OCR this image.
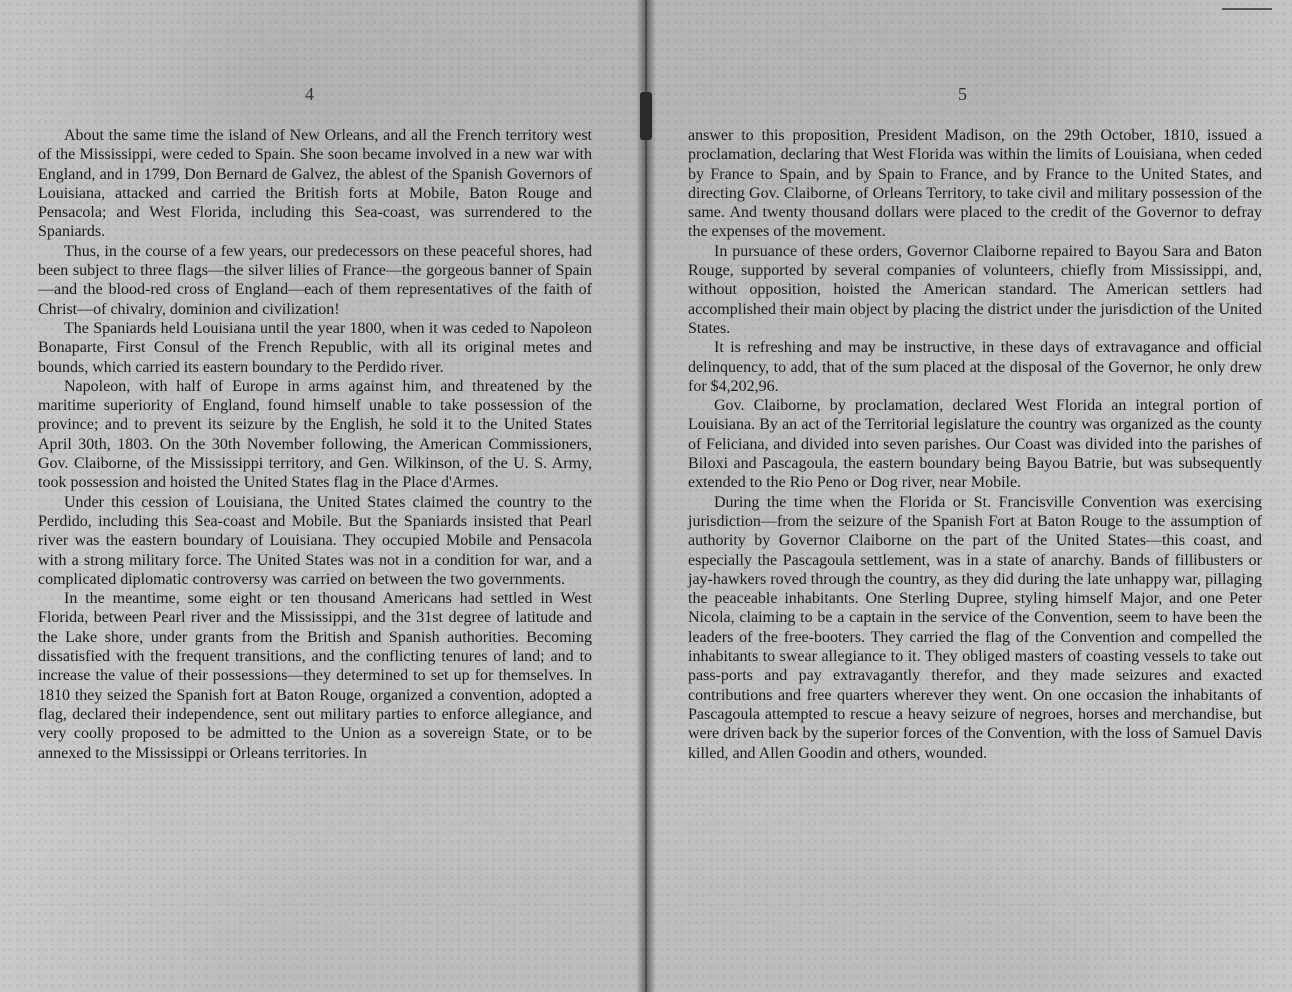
4

About the same time the island of New Orleans, and all the French territory west of the Mississippi, were ceded to Spain. She soon became involved in a new war with England, and in 1799, Don Bernard de Galvez, the ablest of the Spanish Governors of Louisiana, attacked and carried the British forts at Mobile, Baton Rouge and Pensacola; and West Florida, including this Sea-coast, was surrendered to the Spaniards.

Thus, in the course of a few years, our predecessors on these peaceful shores, had been subject to three flags—the silver lilies of France—the gorgeous banner of Spain—and the blood-red cross of England—each of them representatives of the faith of Christ—of chivalry, dominion and civilization!

The Spaniards held Louisiana until the year 1800, when it was ceded to Napoleon Bonaparte, First Consul of the French Republic, with all its original metes and bounds, which carried its eastern boundary to the Perdido river.

Napoleon, with half of Europe in arms against him, and threatened by the maritime superiority of England, found himself unable to take possession of the province; and to prevent its seizure by the English, he sold it to the United States April 30th, 1803. On the 30th November following, the American Commissioners, Gov. Claiborne, of the Mississippi territory, and Gen. Wilkinson, of the U. S. Army, took possession and hoisted the United States flag in the Place d'Armes.

Under this cession of Louisiana, the United States claimed the country to the Perdido, including this Sea-coast and Mobile. But the Spaniards insisted that Pearl river was the eastern boundary of Louisiana. They occupied Mobile and Pensacola with a strong military force. The United States was not in a condition for war, and a complicated diplomatic controversy was carried on between the two governments.

In the meantime, some eight or ten thousand Americans had settled in West Florida, between Pearl river and the Mississippi, and the 31st degree of latitude and the Lake shore, under grants from the British and Spanish authorities. Becoming dissatisfied with the frequent transitions, and the conflicting tenures of land; and to increase the value of their possessions—they determined to set up for themselves. In 1810 they seized the Spanish fort at Baton Rouge, organized a convention, adopted a flag, declared their independence, sent out military parties to enforce allegiance, and very coolly proposed to be admitted to the Union as a sovereign State, or to be annexed to the Mississippi or Orleans territories. In

5

answer to this proposition, President Madison, on the 29th October, 1810, issued a proclamation, declaring that West Florida was within the limits of Louisiana, when ceded by France to Spain, and by Spain to France, and by France to the United States, and directing Gov. Claiborne, of Orleans Territory, to take civil and military possession of the same. And twenty thousand dollars were placed to the credit of the Governor to defray the expenses of the movement.

In pursuance of these orders, Governor Claiborne repaired to Bayou Sara and Baton Rouge, supported by several companies of volunteers, chiefly from Mississippi, and, without opposition, hoisted the American standard. The American settlers had accomplished their main object by placing the district under the jurisdiction of the United States.

It is refreshing and may be instructive, in these days of extravagance and official delinquency, to add, that of the sum placed at the disposal of the Governor, he only drew for $4,202,96.

Gov. Claiborne, by proclamation, declared West Florida an integral portion of Louisiana. By an act of the Territorial legislature the country was organized as the county of Feliciana, and divided into seven parishes. Our Coast was divided into the parishes of Biloxi and Pascagoula, the eastern boundary being Bayou Batrie, but was subsequently extended to the Rio Peno or Dog river, near Mobile.

During the time when the Florida or St. Francisville Convention was exercising jurisdiction—from the seizure of the Spanish Fort at Baton Rouge to the assumption of authority by Governor Claiborne on the part of the United States—this coast, and especially the Pascagoula settlement, was in a state of anarchy. Bands of fillibusters or jay-hawkers roved through the country, as they did during the late unhappy war, pillaging the peaceable inhabitants. One Sterling Dupree, styling himself Major, and one Peter Nicola, claiming to be a captain in the service of the Convention, seem to have been the leaders of the free-booters. They carried the flag of the Convention and compelled the inhabitants to swear allegiance to it. They obliged masters of coasting vessels to take out pass-ports and pay extravagantly therefor, and they made seizures and exacted contributions and free quarters wherever they went. On one occasion the inhabitants of Pascagoula attempted to rescue a heavy seizure of negroes, horses and merchandise, but were driven back by the superior forces of the Convention, with the loss of Samuel Davis killed, and Allen Goodin and others, wounded.
